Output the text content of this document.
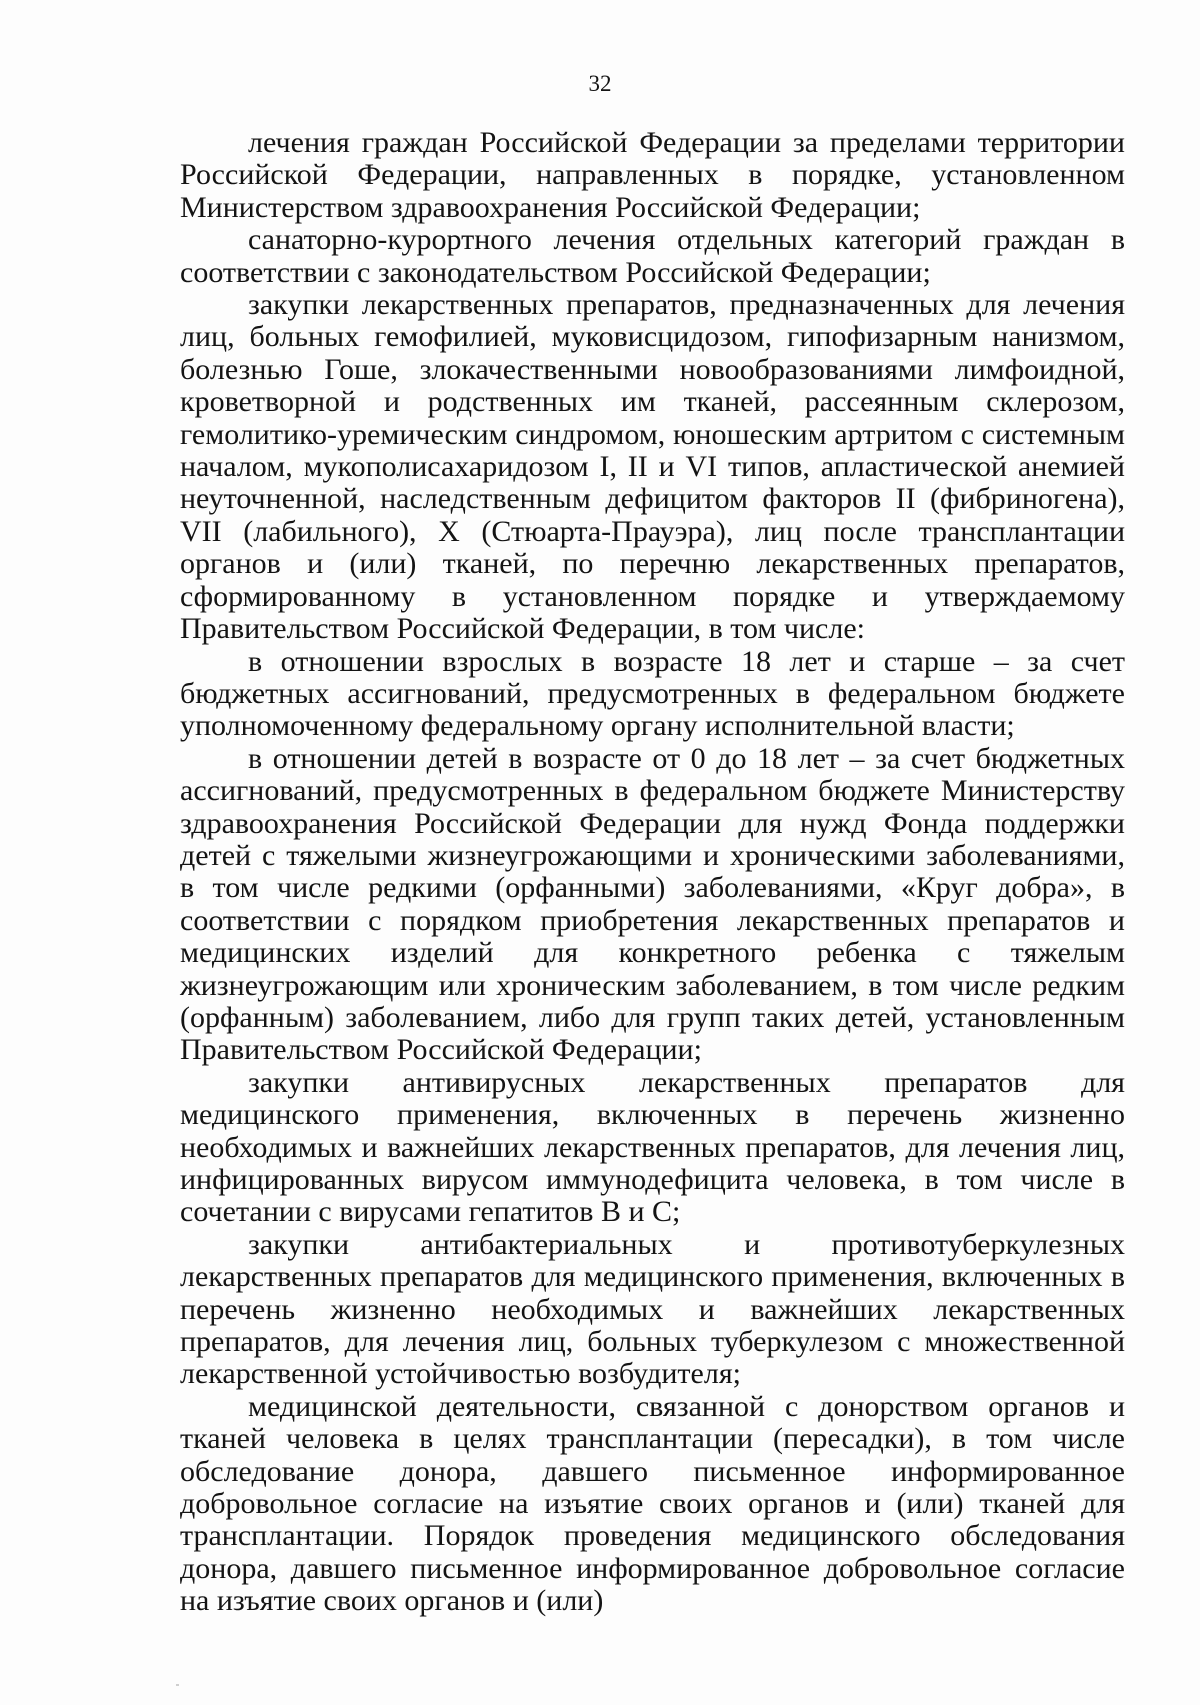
32

лечения граждан Российской Федерации за пределами территории Российской Федерации, направленных в порядке, установленном Министерством здравоохранения Российской Федерации;

санаторно-курортного лечения отдельных категорий граждан в соответствии с законодательством Российской Федерации;

закупки лекарственных препаратов, предназначенных для лечения лиц, больных гемофилией, муковисцидозом, гипофизарным нанизмом, болезнью Гоше, злокачественными новообразованиями лимфоидной, кроветворной и родственных им тканей, рассеянным склерозом, гемолитико-уремическим синдромом, юношеским артритом с системным началом, мукополисахаридозом I, II и VI типов, апластической анемией неуточненной, наследственным дефицитом факторов II (фибриногена), VII (лабильного), X (Стюарта-Прауэра), лиц после трансплантации органов и (или) тканей, по перечню лекарственных препаратов, сформированному в установленном порядке и утверждаемому Правительством Российской Федерации, в том числе:

в отношении взрослых в возрасте 18 лет и старше – за счет бюджетных ассигнований, предусмотренных в федеральном бюджете уполномоченному федеральному органу исполнительной власти;

в отношении детей в возрасте от 0 до 18 лет – за счет бюджетных ассигнований, предусмотренных в федеральном бюджете Министерству здравоохранения Российской Федерации для нужд Фонда поддержки детей с тяжелыми жизнеугрожающими и хроническими заболеваниями, в том числе редкими (орфанными) заболеваниями, «Круг добра», в соответствии с порядком приобретения лекарственных препаратов и медицинских изделий для конкретного ребенка с тяжелым жизнеугрожающим или хроническим заболеванием, в том числе редким (орфанным) заболеванием, либо для групп таких детей, установленным Правительством Российской Федерации;

закупки антивирусных лекарственных препаратов для медицинского применения, включенных в перечень жизненно необходимых и важнейших лекарственных препаратов, для лечения лиц, инфицированных вирусом иммунодефицита человека, в том числе в сочетании с вирусами гепатитов B и C;

закупки антибактериальных и противотуберкулезных лекарственных препаратов для медицинского применения, включенных в перечень жизненно необходимых и важнейших лекарственных препаратов, для лечения лиц, больных туберкулезом с множественной лекарственной устойчивостью возбудителя;

медицинской деятельности, связанной с донорством органов и тканей человека в целях трансплантации (пересадки), в том числе обследование донора, давшего письменное информированное добровольное согласие на изъятие своих органов и (или) тканей для трансплантации. Порядок проведения медицинского обследования донора, давшего письменное информированное добровольное согласие на изъятие своих органов и (или)
